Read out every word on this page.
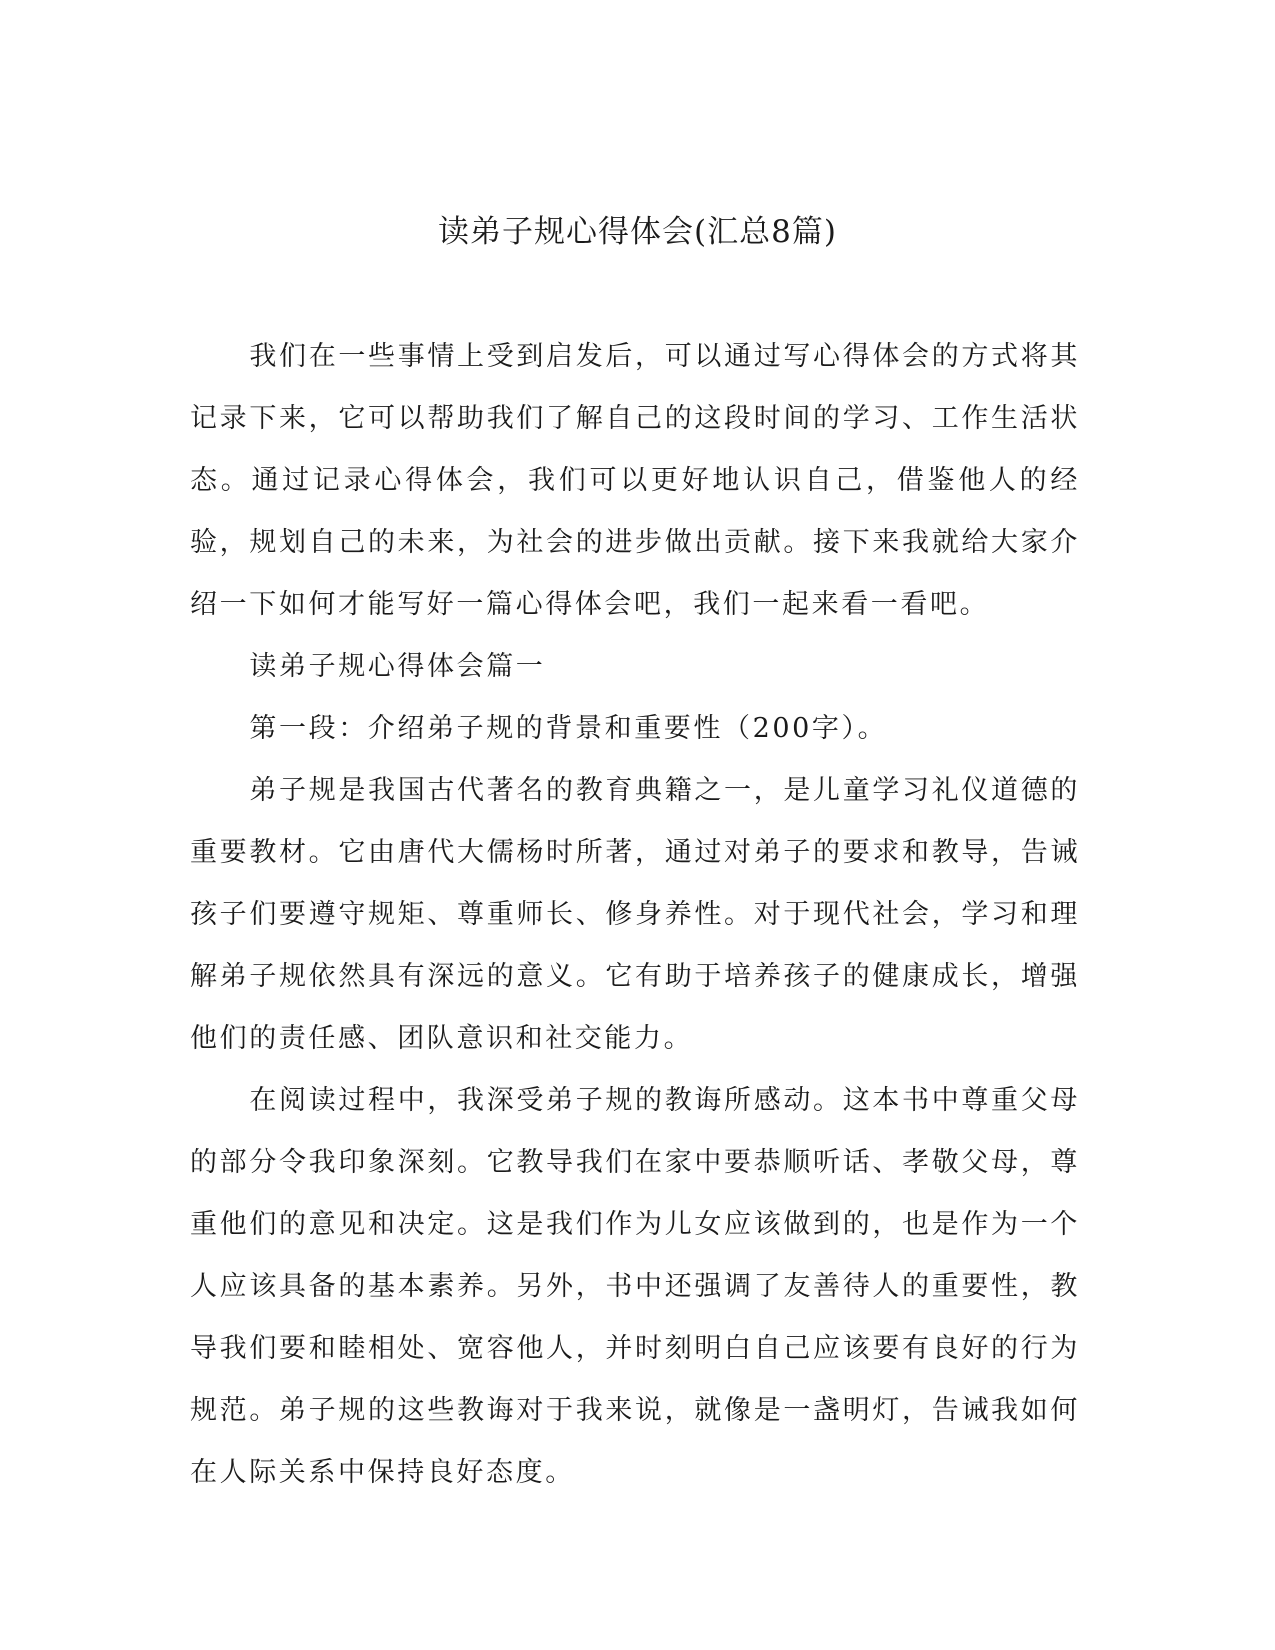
读弟子规心得体会(汇总8篇)

我们在一些事情上受到启发后，可以通过写心得体会的方式将其记录下来，它可以帮助我们了解自己的这段时间的学习、工作生活状态。通过记录心得体会，我们可以更好地认识自己，借鉴他人的经验，规划自己的未来，为社会的进步做出贡献。接下来我就给大家介绍一下如何才能写好一篇心得体会吧，我们一起来看一看吧。

读弟子规心得体会篇一

第一段：介绍弟子规的背景和重要性（200字）。

弟子规是我国古代著名的教育典籍之一，是儿童学习礼仪道德的重要教材。它由唐代大儒杨时所著，通过对弟子的要求和教导，告诫孩子们要遵守规矩、尊重师长、修身养性。对于现代社会，学习和理解弟子规依然具有深远的意义。它有助于培养孩子的健康成长，增强他们的责任感、团队意识和社交能力。

在阅读过程中，我深受弟子规的教诲所感动。这本书中尊重父母的部分令我印象深刻。它教导我们在家中要恭顺听话、孝敬父母，尊重他们的意见和决定。这是我们作为儿女应该做到的，也是作为一个人应该具备的基本素养。另外，书中还强调了友善待人的重要性，教导我们要和睦相处、宽容他人，并时刻明白自己应该要有良好的行为规范。弟子规的这些教诲对于我来说，就像是一盏明灯，告诫我如何在人际关系中保持良好态度。
